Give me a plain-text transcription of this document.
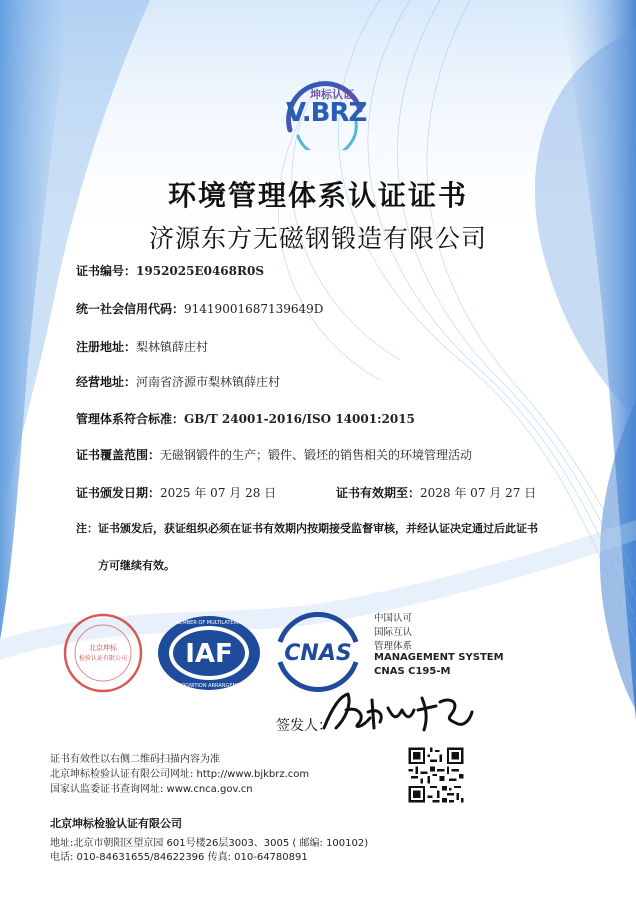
坤标认证
V.BRZ
环境管理体系认证证书
济源东方无磁钢锻造有限公司
证书编号：1952025E0468R0S
统一社会信用代码：91419001687139649D
注册地址：梨林镇薛庄村
经营地址：河南省济源市梨林镇薛庄村
管理体系符合标准：GB/T 24001-2016/ISO 14001:2015
证书覆盖范围：无磁钢锻件的生产；锻件、锻坯的销售相关的环境管理活动
证书颁发日期：2025 年 07 月 28 日	证书有效期至：2028 年 07 月 27 日
注：证书颁发后，获证组织必须在证书有效期内按期接受监督审核，并经认证决定通过后此证书
方可继续有效。
北京坤标
检验认证有限公司 IAF
MEMBER OF MULTILATERAL
RECOGNITION ARRANGEMENT
CNAS
中国认可
国际互认
管理体系
MANAGEMENT SYSTEM
CNAS C195-M
签发人：
证书有效性以右侧二维码扫描内容为准
北京坤标检验认证有限公司网址: http://www.bjkbrz.com
国家认监委证书查询网址: www.cnca.gov.cn
北京坤标检验认证有限公司
地址:北京市朝阳区望京园 601号楼26层3003、3005 ( 邮编: 100102)
电话: 010-84631655/84622396 传真: 010-64780891
